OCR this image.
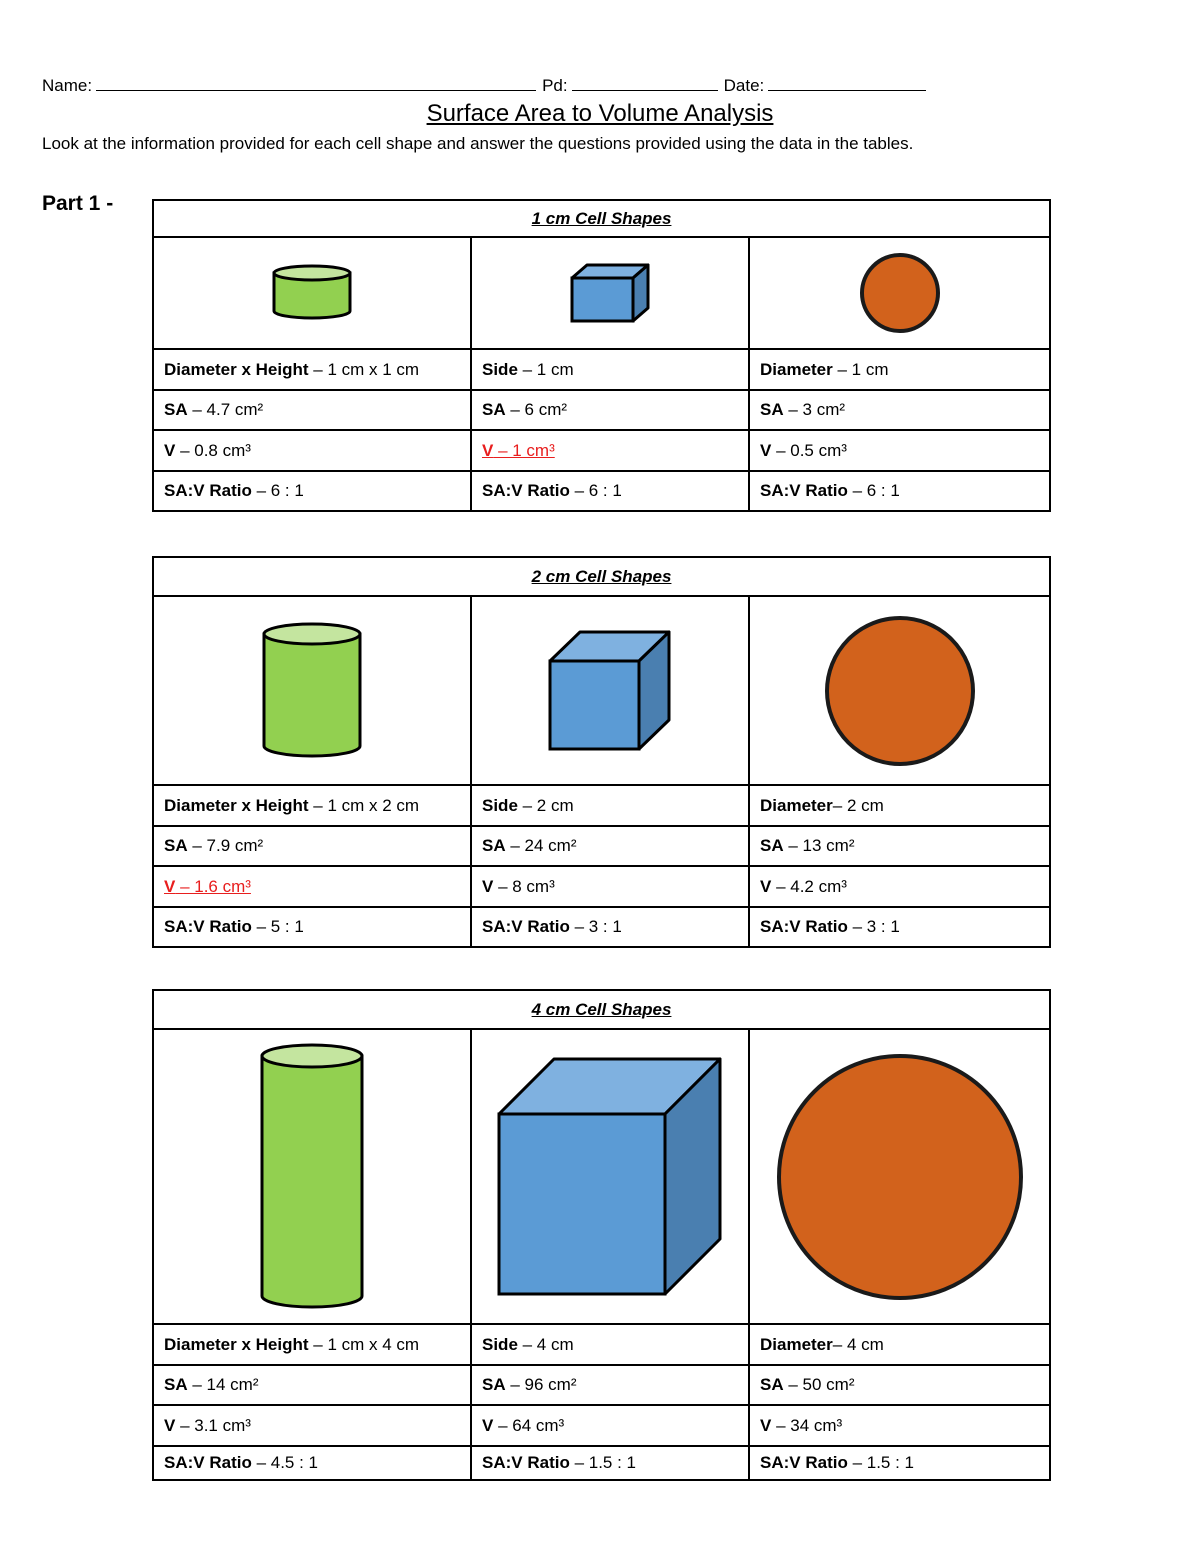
Name:	Pd:	Date:
Surface Area to Volume Analysis
Look at the information provided for each cell shape and answer the questions provided using the data in the tables.
Part 1 -
1 cm Cell Shapes		

Diameter x Height – 1 cm x 1 cm	Side – 1 cm	Diameter – 1 cm
SA – 4.7 cm²	SA – 6 cm²	SA – 3 cm²
V – 0.8 cm³	V – 1 cm³	V – 0.5 cm³
SA:V Ratio – 6 : 1	SA:V Ratio – 6 : 1	SA:V Ratio – 6 : 1
2 cm Cell Shapes		

Diameter x Height – 1 cm x 2 cm	Side – 2 cm	Diameter– 2 cm
SA – 7.9 cm²	SA – 24 cm²	SA – 13 cm²
V – 1.6 cm³	V – 8 cm³	V – 4.2 cm³
SA:V Ratio – 5 : 1	SA:V Ratio – 3 : 1	SA:V Ratio – 3 : 1
4 cm Cell Shapes		

Diameter x Height – 1 cm x 4 cm	Side – 4 cm	Diameter– 4 cm
SA – 14 cm²	SA – 96 cm²	SA – 50 cm²
V – 3.1 cm³	V – 64 cm³	V – 34 cm³
SA:V Ratio – 4.5 : 1	SA:V Ratio – 1.5 : 1	SA:V Ratio – 1.5 : 1
